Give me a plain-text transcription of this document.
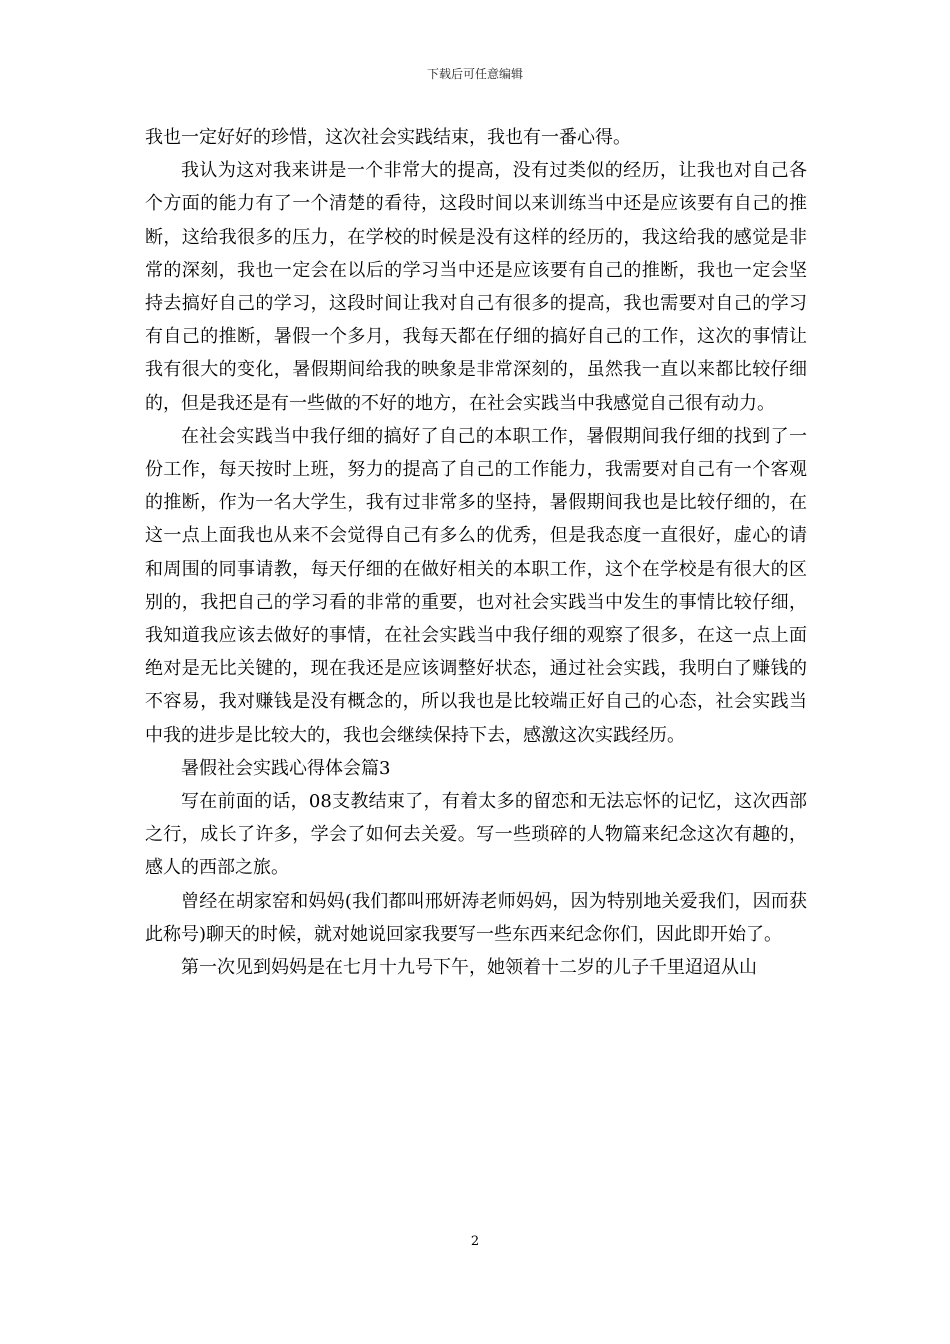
下载后可任意编辑

我也一定好好的珍惜，这次社会实践结束，我也有一番心得。

我认为这对我来讲是一个非常大的提高，没有过类似的经历，让我也对自己各个方面的能力有了一个清楚的看待，这段时间以来训练当中还是应该要有自己的推断，这给我很多的压力，在学校的时候是没有这样的经历的，我这给我的感觉是非常的深刻，我也一定会在以后的学习当中还是应该要有自己的推断，我也一定会坚持去搞好自己的学习，这段时间让我对自己有很多的提高，我也需要对自己的学习有自己的推断，暑假一个多月，我每天都在仔细的搞好自己的工作，这次的事情让我有很大的变化，暑假期间给我的映象是非常深刻的，虽然我一直以来都比较仔细的，但是我还是有一些做的不好的地方，在社会实践当中我感觉自己很有动力。

在社会实践当中我仔细的搞好了自己的本职工作，暑假期间我仔细的找到了一份工作，每天按时上班，努力的提高了自己的工作能力，我需要对自己有一个客观的推断，作为一名大学生，我有过非常多的坚持，暑假期间我也是比较仔细的，在这一点上面我也从来不会觉得自己有多么的优秀，但是我态度一直很好，虚心的请和周围的同事请教，每天仔细的在做好相关的本职工作，这个在学校是有很大的区别的，我把自己的学习看的非常的重要，也对社会实践当中发生的事情比较仔细，我知道我应该去做好的事情，在社会实践当中我仔细的观察了很多，在这一点上面绝对是无比关键的，现在我还是应该调整好状态，通过社会实践，我明白了赚钱的不容易，我对赚钱是没有概念的，所以我也是比较端正好自己的心态，社会实践当中我的进步是比较大的，我也会继续保持下去，感激这次实践经历。

暑假社会实践心得体会篇3

写在前面的话，08支教结束了，有着太多的留恋和无法忘怀的记忆，这次西部之行，成长了许多，学会了如何去关爱。写一些琐碎的人物篇来纪念这次有趣的，感人的西部之旅。

曾经在胡家窑和妈妈(我们都叫邢妍涛老师妈妈，因为特别地关爱我们，因而获此称号)聊天的时候，就对她说回家我要写一些东西来纪念你们，因此即开始了。

第一次见到妈妈是在七月十九号下午，她领着十二岁的儿子千里迢迢从山

2
